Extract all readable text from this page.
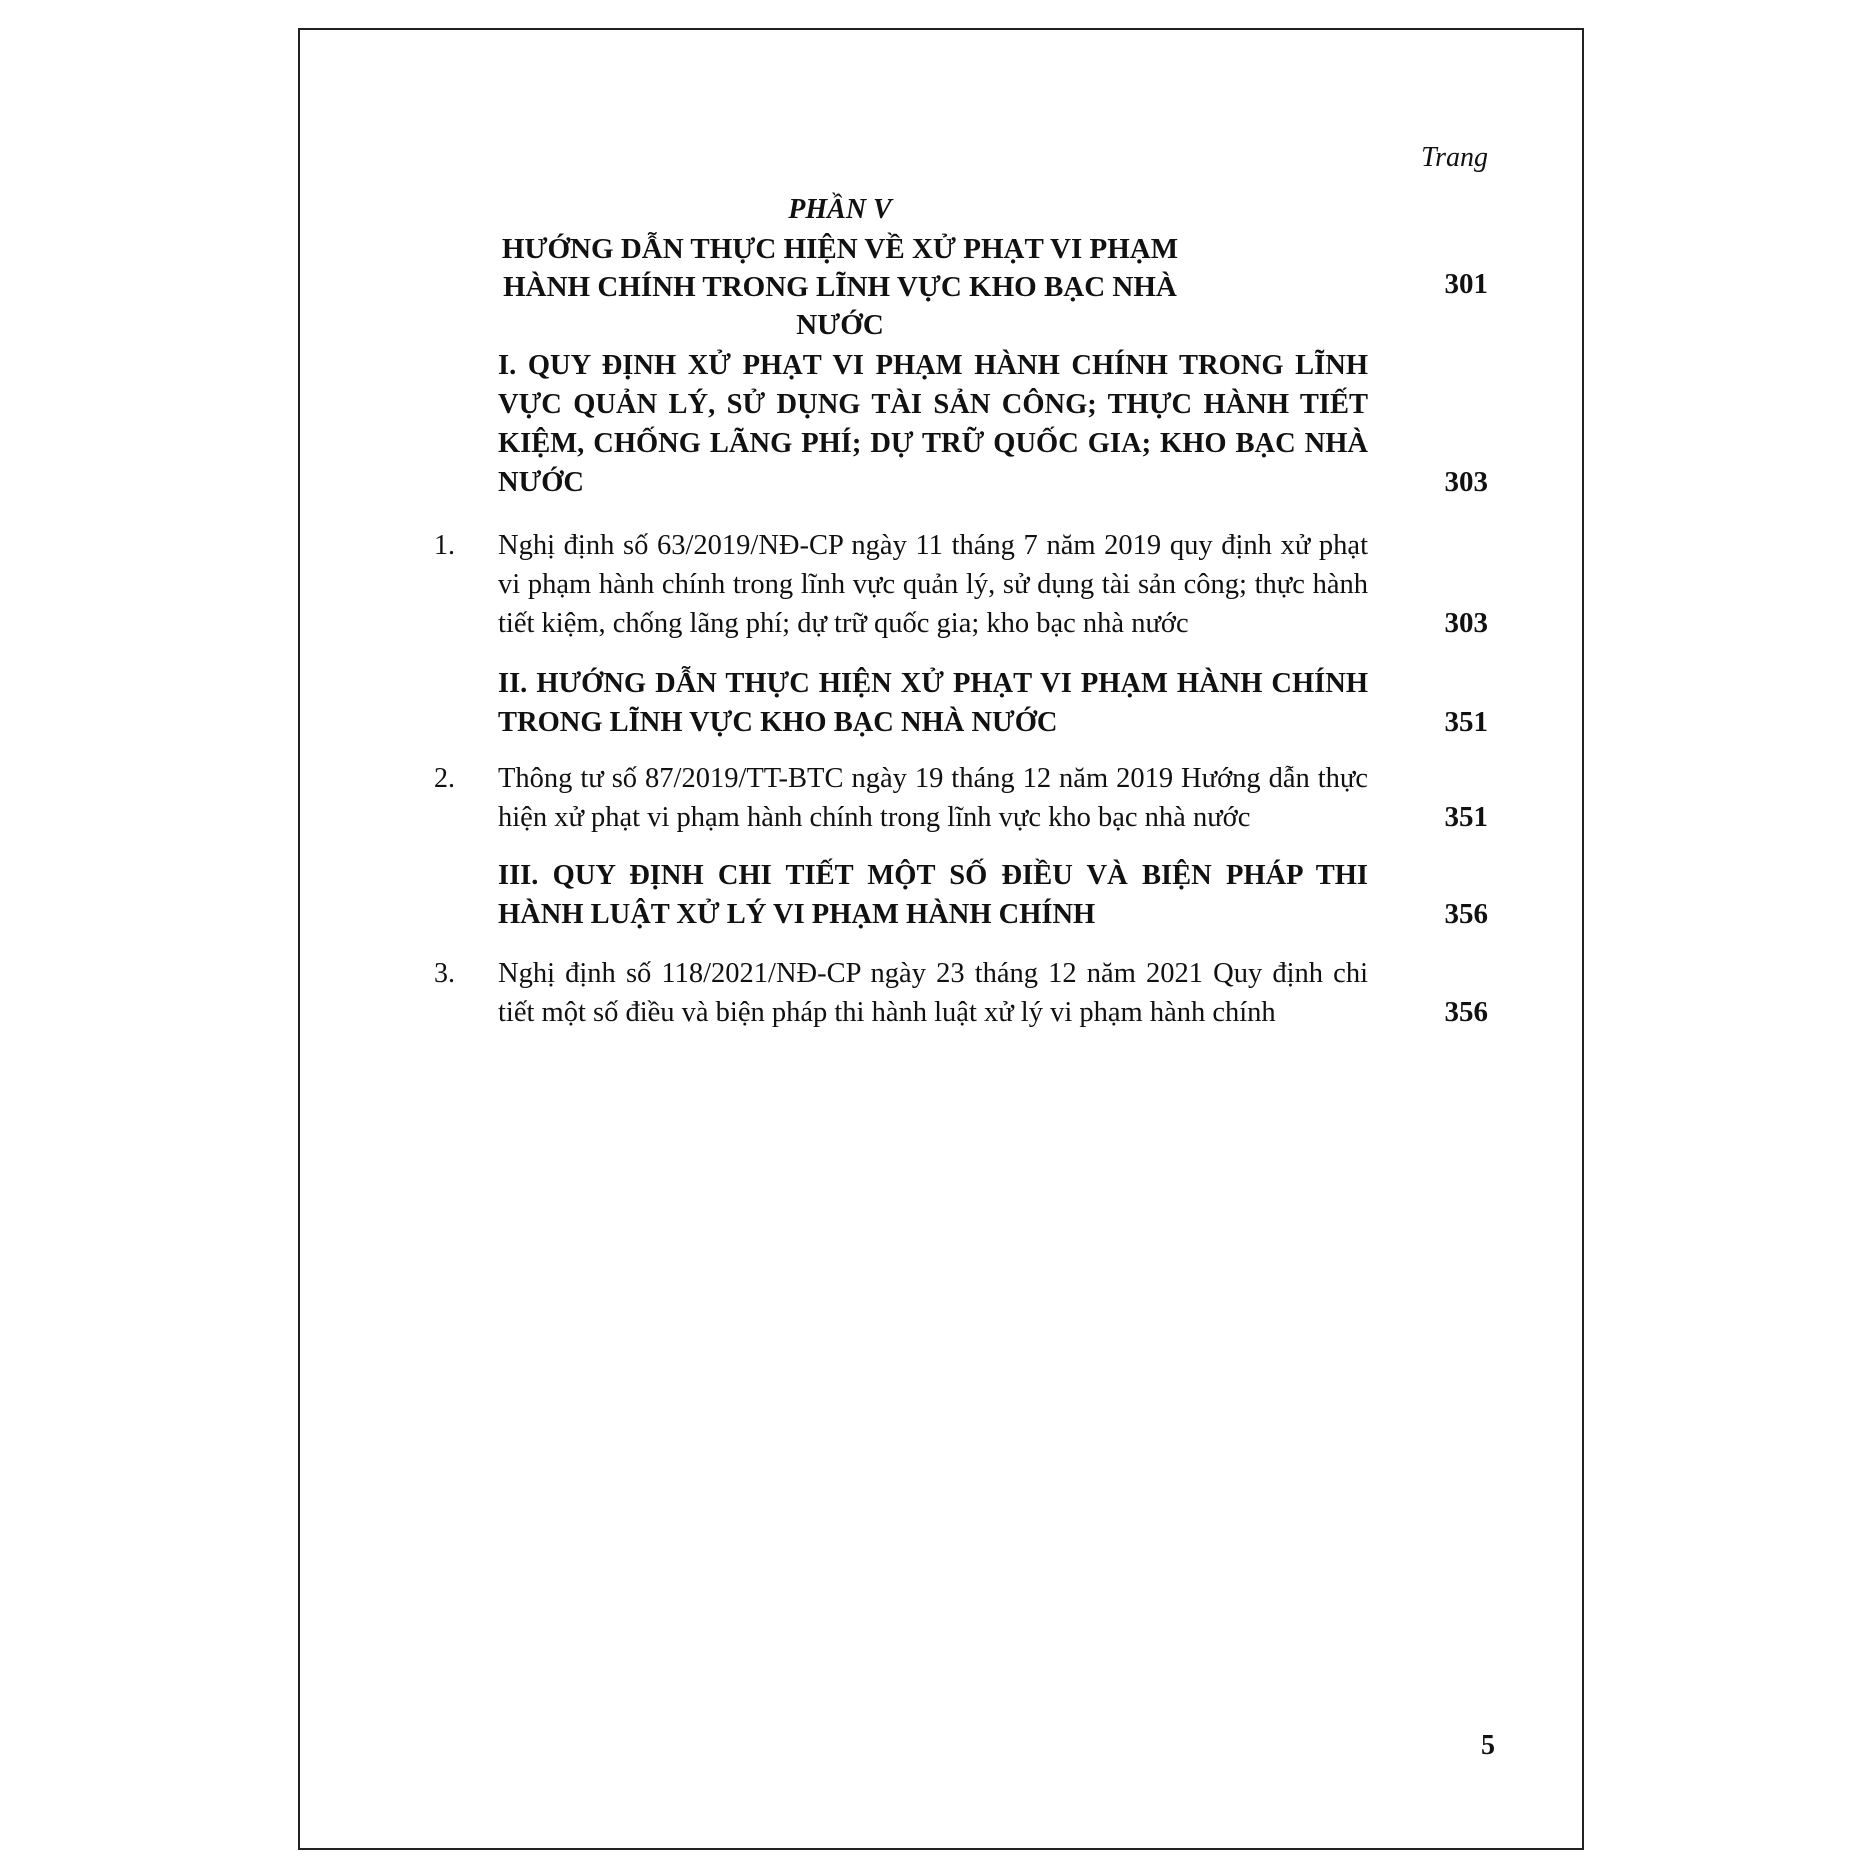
Trang
PHẦN V
HƯỚNG DẪN THỰC HIỆN VỀ XỬ PHẠT VI PHẠM
HÀNH CHÍNH TRONG LĨNH VỰC KHO BẠC NHÀ NƯỚC
301
I. QUY ĐỊNH XỬ PHẠT VI PHẠM HÀNH CHÍNH TRONG LĨNH VỰC QUẢN LÝ, SỬ DỤNG TÀI SẢN CÔNG; THỰC HÀNH TIẾT KIỆM, CHỐNG LÃNG PHÍ; DỰ TRỮ QUỐC GIA; KHO BẠC NHÀ NƯỚC	303
1. Nghị định số 63/2019/NĐ-CP ngày 11 tháng 7 năm 2019 quy định xử phạt vi phạm hành chính trong lĩnh vực quản lý, sử dụng tài sản công; thực hành tiết kiệm, chống lãng phí; dự trữ quốc gia; kho bạc nhà nước	303
II. HƯỚNG DẪN THỰC HIỆN XỬ PHẠT VI PHẠM HÀNH CHÍNH TRONG LĨNH VỰC KHO BẠC NHÀ NƯỚC	351
2. Thông tư số 87/2019/TT-BTC ngày 19 tháng 12 năm 2019 Hướng dẫn thực hiện xử phạt vi phạm hành chính trong lĩnh vực kho bạc nhà nước	351
III. QUY ĐỊNH CHI TIẾT MỘT SỐ ĐIỀU VÀ BIỆN PHÁP THI HÀNH LUẬT XỬ LÝ VI PHẠM HÀNH CHÍNH	356
3. Nghị định số 118/2021/NĐ-CP ngày 23 tháng 12 năm 2021 Quy định chi tiết một số điều và biện pháp thi hành luật xử lý vi phạm hành chính	356
5
